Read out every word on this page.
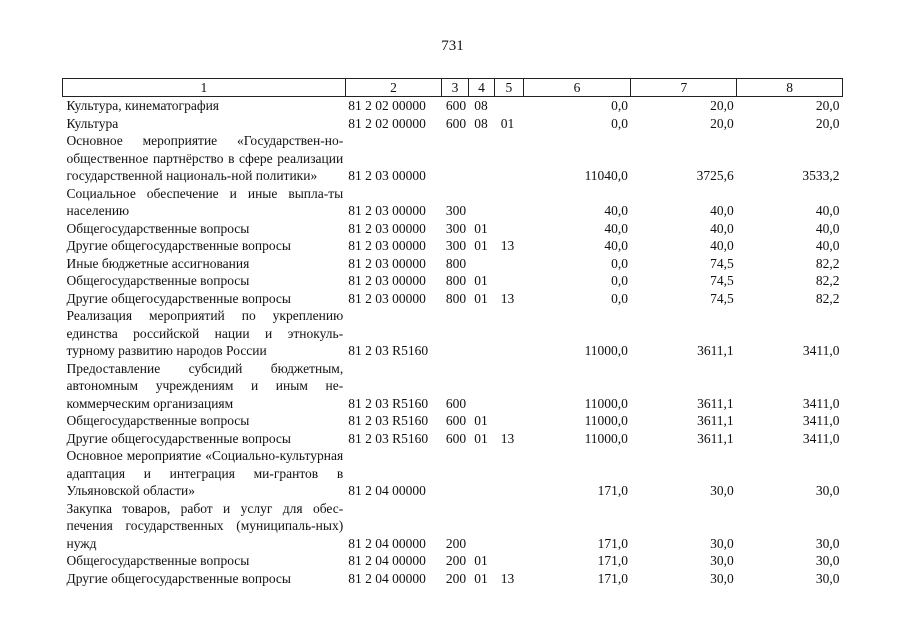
731
1	2	3	4	5	6	7	8
Культура, кинематография	81 2 02 00000	600	08		0,0	20,0	20,0
Культура	81 2 02 00000	600	08	01	0,0	20,0	20,0
Основное мероприятие «Государствен-но-общественное партнёрство в сфере реализации государственной националь-ной политики»	81 2 03 00000				11040,0	3725,6	3533,2
Социальное обеспечение и иные выпла-ты населению	81 2 03 00000	300			40,0	40,0	40,0
Общегосударственные вопросы	81 2 03 00000	300	01		40,0	40,0	40,0
Другие общегосударственные вопросы	81 2 03 00000	300	01	13	40,0	40,0	40,0
Иные бюджетные ассигнования	81 2 03 00000	800			0,0	74,5	82,2
Общегосударственные вопросы	81 2 03 00000	800	01		0,0	74,5	82,2
Другие общегосударственные вопросы	81 2 03 00000	800	01	13	0,0	74,5	82,2
Реализация мероприятий по укреплению единства российской нации и этнокуль-турному развитию народов России	81 2 03 R5160				11000,0	3611,1	3411,0
Предоставление субсидий бюджетным, автономным учреждениям и иным не-коммерческим организациям	81 2 03 R5160	600			11000,0	3611,1	3411,0
Общегосударственные вопросы	81 2 03 R5160	600	01		11000,0	3611,1	3411,0
Другие общегосударственные вопросы	81 2 03 R5160	600	01	13	11000,0	3611,1	3411,0
Основное мероприятие «Социально-культурная адаптация и интеграция ми-грантов в Ульяновской области»	81 2 04 00000				171,0	30,0	30,0
Закупка товаров, работ и услуг для обес-печения государственных (муниципаль-ных) нужд	81 2 04 00000	200			171,0	30,0	30,0
Общегосударственные вопросы	81 2 04 00000	200	01		171,0	30,0	30,0
Другие общегосударственные вопросы	81 2 04 00000	200	01	13	171,0	30,0	30,0
